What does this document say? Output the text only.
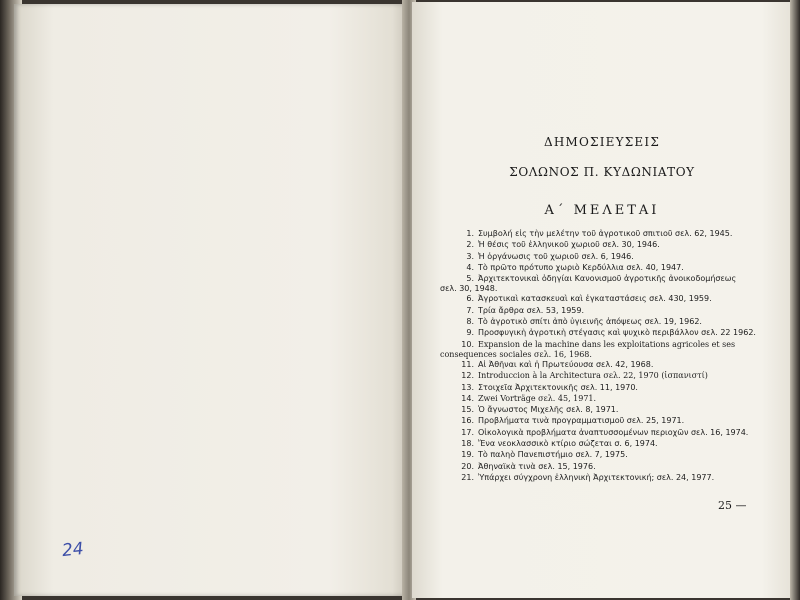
24
ΔΗΜΟΣΙΕΥΣΕΙΣ
ΣΟΛΩΝΟΣ Π. ΚΥΔΩΝΙΑΤΟΥ
Α΄ ΜΕΛΕΤΑΙ
1. Συμβολή εἰς τὴν μελέτην τοῦ ἀγροτικοῦ σπιτιοῦ σελ. 62, 1945.
2. Ἡ θέσις τοῦ ἑλληνικοῦ χωριοῦ σελ. 30, 1946.
3. Ἡ ὀργάνωσις τοῦ χωριοῦ σελ. 6, 1946.
4. Τὸ πρῶτο πρότυπο χωριὸ Κερδύλλια σελ. 40, 1947.
5. Ἀρχιτεκτονικαὶ ὁδηγίαι Κανονισμοῦ ἀγροτικῆς ἀνοικοδομήσεως
σελ. 30, 1948.
6. Ἀγροτικαὶ κατασκευαὶ καὶ ἐγκαταστάσεις σελ. 430, 1959.
7. Τρία ἄρθρα σελ. 53, 1959.
8. Τὸ ἀγροτικὸ σπίτι ἀπὸ ὑγιεινῆς ἀπόψεως σελ. 19, 1962.
9. Προσφυγικὴ ἀγροτικὴ στέγασις καὶ ψυχικὸ περιβάλλον σελ. 22 1962.
10. Expansion de la machine dans les exploitations agricoles et ses
consequences sociales σελ. 16, 1968.
11. Αἱ Ἀθῆναι καὶ ἡ Πρωτεύουσα σελ. 42, 1968.
12. Introduccion à la Architectura σελ. 22, 1970 (ἰσπανιστί)
13. Στοιχεῖα Ἀρχιτεκτονικῆς σελ. 11, 1970.
14. Zwei Vorträge σελ. 45, 1971.
15. Ὁ ἄγνωστος Μιχελῆς σελ. 8, 1971.
16. Προβλήματα τινὰ προγραμματισμοῦ σελ. 25, 1971.
17. Οἰκολογικὰ προβλήματα ἀναπτυσσομένων περιοχῶν σελ. 16, 1974.
18. Ἕνα νεοκλασσικὸ κτίριο σώζεται σ. 6, 1974.
19. Τὸ παληὸ Πανεπιστήμιο σελ. 7, 1975.
20. Ἀθηναϊκὰ τινὰ σελ. 15, 1976.
21. Ὑπάρχει σύγχρονη ἑλληνικὴ Ἀρχιτεκτονική; σελ. 24, 1977.
25 —
